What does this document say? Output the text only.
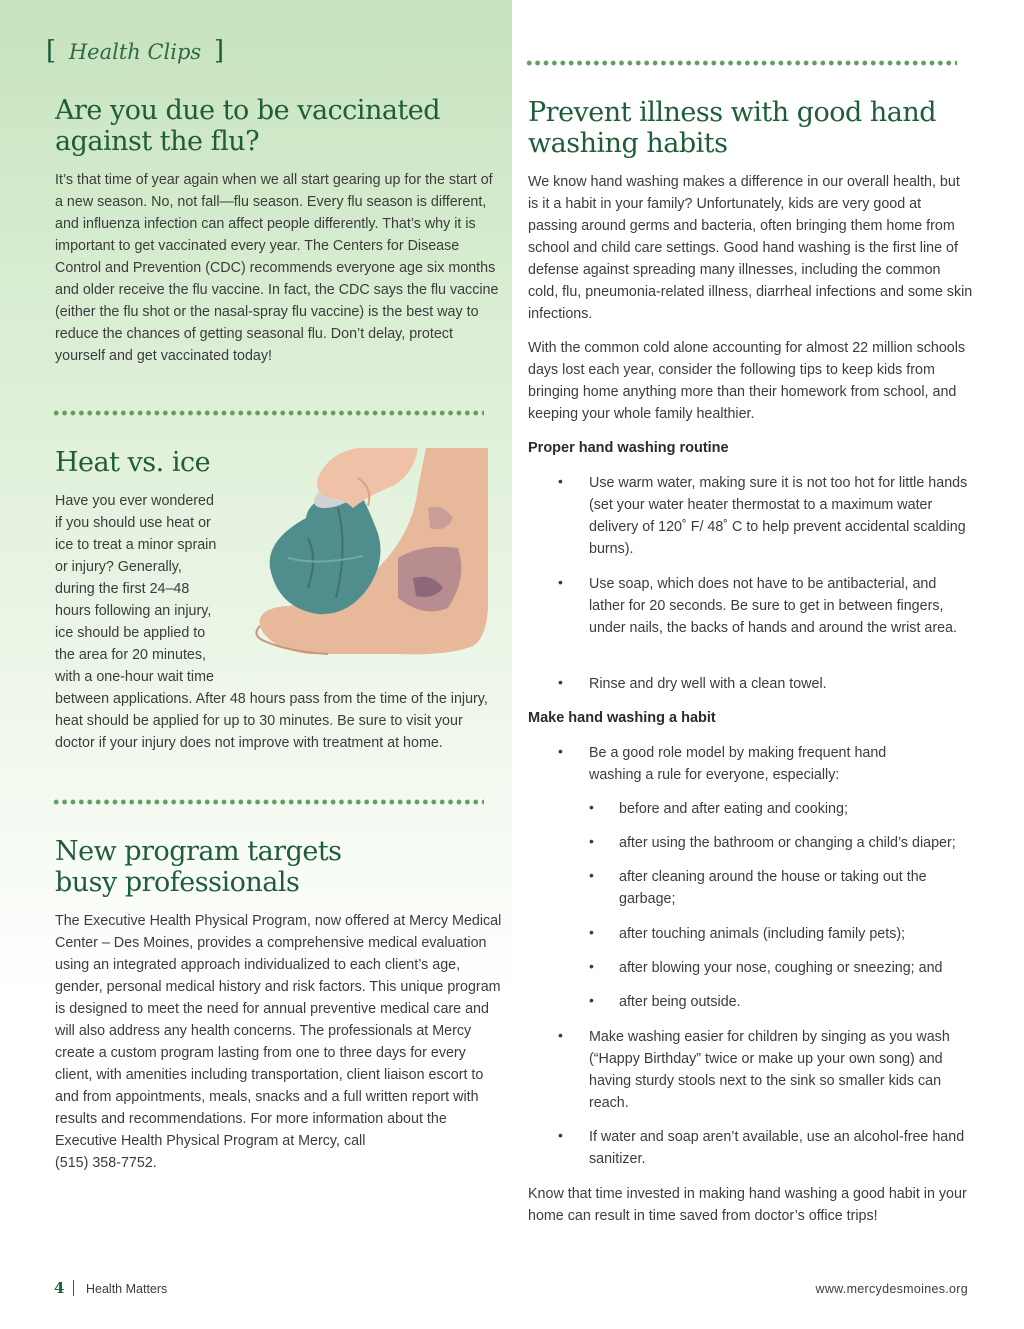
[ Health Clips ]
Are you due to be vaccinated
against the flu?

It’s that time of year again when we all start gearing up for the start of a new season. No, not fall—flu season. Every flu season is different, and influenza infection can affect people differently. That’s why it is important to get vaccinated every year. The Centers for Disease Control and Prevention (CDC) recommends everyone age six months and older receive the flu vaccine. In fact, the CDC says the flu vaccine (either the flu shot or the nasal-spray flu vaccine) is the best way to reduce the chances of getting seasonal flu. Don’t delay, protect yourself and get vaccinated today!

Heat vs. ice
Have you ever wondered
if you should use heat or
ice to treat a minor sprain
or injury? Generally,
during the first 24–48
hours following an injury,
ice should be applied to
the area for 20 minutes,
with a one-hour wait time

between applications. After 48 hours pass from the time of the injury, heat should be applied for up to 30 minutes. Be sure to visit your doctor if your injury does not improve with treatment at home.

New program targets
busy professionals

The Executive Health Physical Program, now offered at Mercy Medical Center – Des Moines, provides a comprehensive medical evaluation using an integrated approach individualized to each client’s age, gender, personal medical history and risk factors. This unique program is designed to meet the need for annual preventive medical care and will also address any health concerns. The professionals at Mercy create a custom program lasting from one to three days for every client, with amenities including transportation, client liaison escort to and from appointments, meals, snacks and a full written report with results and recommendations. For more information about the Executive Health Physical Program at Mercy, call
(515) 358-7752.

Prevent illness with good hand
washing habits

We know hand washing makes a difference in our overall health, but is it a habit in your family? Unfortunately, kids are very good at passing around germs and bacteria, often bringing them home from school and child care settings. Good hand washing is the first line of defense against spreading many illnesses, including the common cold, flu, pneumonia-related illness, diarrheal infections and some skin infections.

With the common cold alone accounting for almost 22 million schools days lost each year, consider the following tips to keep kids from bringing home anything more than their homework from school, and keeping your whole family healthier.

Proper hand washing routine
• Use warm water, making sure it is not too hot for little hands (set your water heater thermostat to a maximum water delivery of 120˚ F/ 48˚ C to help prevent accidental scalding burns).

• Use soap, which does not have to be antibacterial, and lather for 20 seconds. Be sure to get in between fingers, under nails, the backs of hands and around the wrist area.

• Rinse and dry well with a clean towel.

Make hand washing a habit
• Be a good role model by making frequent hand washing a rule for everyone, especially:

• before and after eating and cooking;

• after using the bathroom or changing a child’s diaper;

• after cleaning around the house or taking out the garbage;

• after touching animals (including family pets);

• after blowing your nose, coughing or sneezing; and

• after being outside.

• Make washing easier for children by singing as you wash (“Happy Birthday” twice or make up your own song) and having sturdy stools next to the sink so smaller kids can reach.

• If water and soap aren’t available, use an alcohol-free hand sanitizer.

Know that time invested in making hand washing a good habit in your home can result in time saved from doctor’s office trips!

4 Health Matters	www.mercydesmoines.org
